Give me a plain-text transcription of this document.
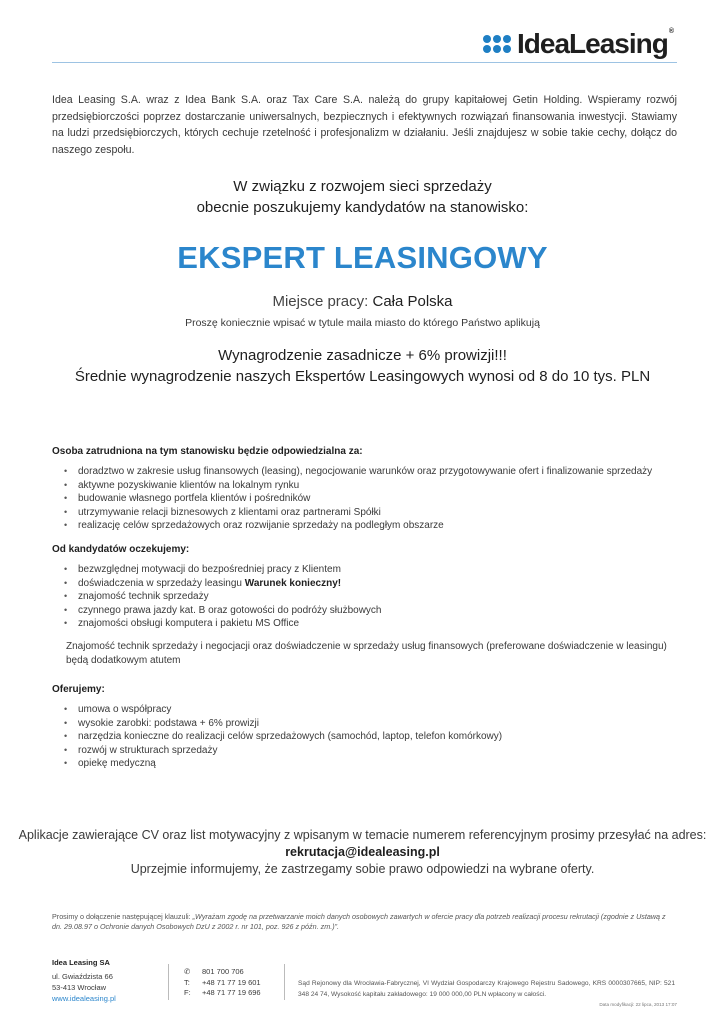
IdeaLeasing®
Idea Leasing S.A. wraz z Idea Bank S.A. oraz Tax Care S.A. należą do grupy kapitałowej Getin Holding. Wspieramy rozwój przedsiębiorczości poprzez dostarczanie uniwersalnych, bezpiecznych i efektywnych rozwiązań finansowania inwestycji. Stawiamy na ludzi przedsiębiorczych, których cechuje rzetelność i profesjonalizm w działaniu. Jeśli znajdujesz w sobie takie cechy, dołącz do naszego zespołu.
W związku z rozwojem sieci sprzedaży
obecnie poszukujemy kandydatów na stanowisko:
EKSPERT LEASINGOWY
Miejsce pracy: Cała Polska
Proszę koniecznie wpisać w tytule maila miasto do którego Państwo aplikują
Wynagrodzenie zasadnicze + 6% prowizji!!!
Średnie wynagrodzenie naszych Ekspertów Leasingowych wynosi od 8 do 10 tys. PLN
Osoba zatrudniona na tym stanowisku będzie odpowiedzialna za:
• doradztwo w zakresie usług finansowych (leasing), negocjowanie warunków oraz przygotowywanie ofert i finalizowanie sprzedaży
• aktywne pozyskiwanie klientów na lokalnym rynku
• budowanie własnego portfela klientów i pośredników
• utrzymywanie relacji biznesowych z klientami oraz partnerami Spółki
• realizację celów sprzedażowych oraz rozwijanie sprzedaży na podległym obszarze
Od kandydatów oczekujemy:
• bezwzględnej motywacji do bezpośredniej pracy z Klientem
• doświadczenia w sprzedaży leasingu Warunek konieczny!
• znajomość technik sprzedaży
• czynnego prawa jazdy kat. B oraz gotowości do podróży służbowych
• znajomości obsługi komputera i pakietu MS Office
Znajomość technik sprzedaży i negocjacji oraz doświadczenie w sprzedaży usług finansowych (preferowane doświadczenie w leasingu) będą dodatkowym atutem
Oferujemy:
• umowa o współpracy
• wysokie zarobki: podstawa + 6% prowizji
• narzędzia konieczne do realizacji celów sprzedażowych (samochód, laptop, telefon komórkowy)
• rozwój w strukturach sprzedaży
• opiekę medyczną
Aplikacje zawierające CV oraz list motywacyjny z wpisanym w temacie numerem referencyjnym prosimy przesyłać na adres:
rekrutacja@idealeasing.pl
Uprzejmie informujemy, że zastrzegamy sobie prawo odpowiedzi na wybrane oferty.
Prosimy o dołączenie następującej klauzuli: „Wyrażam zgodę na przetwarzanie moich danych osobowych zawartych w ofercie pracy dla potrzeb realizacji procesu rekrutacji (zgodnie z Ustawą z dn. 29.08.97 o Ochronie danych Osobowych DzU z 2002 r. nr 101, poz. 926 z późn. zm.)”.
Idea Leasing SA
ul. Gwiaździsta 66
53-413 Wrocław
www.idealeasing.pl
✆	801 700 706
T:	+48 71 77 19 601
F:	+48 71 77 19 696
Sąd Rejonowy dla Wrocławia-Fabrycznej, VI Wydział Gospodarczy Krajowego Rejestru Sadowego, KRS 0000307665, NIP: 521 348 24 74, Wysokość kapitału zakładowego: 19 000 000,00 PLN wpłacony w całości.
Data modyfikacji: 22 lipca, 2013 17:07
